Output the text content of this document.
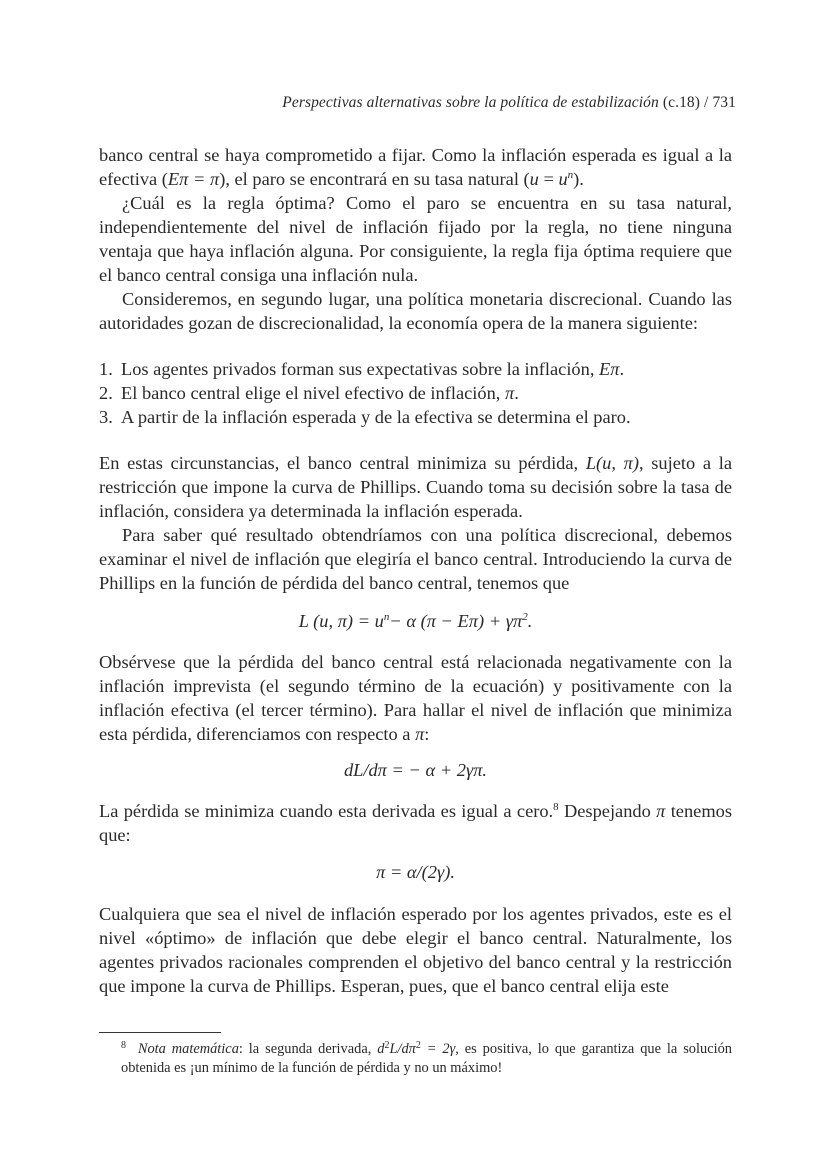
Perspectivas alternativas sobre la política de estabilización (c.18) / 731

banco central se haya comprometido a fijar. Como la inflación esperada es igual a la efectiva (Eπ = π), el paro se encontrará en su tasa natural $(u = u^n)$.

¿Cuál es la regla óptima? Como el paro se encuentra en su tasa natural, independientemente del nivel de inflación fijado por la regla, no tiene ninguna ventaja que haya inflación alguna. Por consiguiente, la regla fija óptima requiere que el banco central consiga una inflación nula.

Consideremos, en segundo lugar, una política monetaria discrecional. Cuando las autoridades gozan de discrecionalidad, la economía opera de la manera siguiente:

1. Los agentes privados forman sus expectativas sobre la inflación, Eπ.
2. El banco central elige el nivel efectivo de inflación, π.
3. A partir de la inflación esperada y de la efectiva se determina el paro.

En estas circunstancias, el banco central minimiza su pérdida, L(u, π), sujeto a la restricción que impone la curva de Phillips. Cuando toma su decisión sobre la tasa de inflación, considera ya determinada la inflación esperada.

Para saber qué resultado obtendríamos con una política discrecional, debemos examinar el nivel de inflación que elegiría el banco central. Introduciendo la curva de Phillips en la función de pérdida del banco central, tenemos que

L (u, $\pi) = u^n- \alpha$ $(\pi - E\pi) + \gamma\pi^2$.

Obsérvese que la pérdida del banco central está relacionada negativamente con la inflación imprevista (el segundo término de la ecuación) y positivamente con la inflación efectiva (el tercer término). Para hallar el nivel de inflación que minimiza esta pérdida, diferenciamos con respecto a π:

dL/dπ = − α + 2γπ.

La pérdida se minimiza cuando esta derivada es igual a cero.$^8$ Despejando π tenemos que:

π = α/(2γ).

Cualquiera que sea el nivel de inflación esperado por los agentes privados, este es el nivel «óptimo» de inflación que debe elegir el banco central. Naturalmente, los agentes privados racionales comprenden el objetivo del banco central y la restricción que impone la curva de Phillips. Esperan, pues, que el banco central elija este

$^8$ Nota matemática: la segunda derivada, d$^2$L/dπ$^2$ = 2γ, es positiva, lo que garantiza que la solución obtenida es ¡un mínimo de la función de pérdida y no un máximo!
